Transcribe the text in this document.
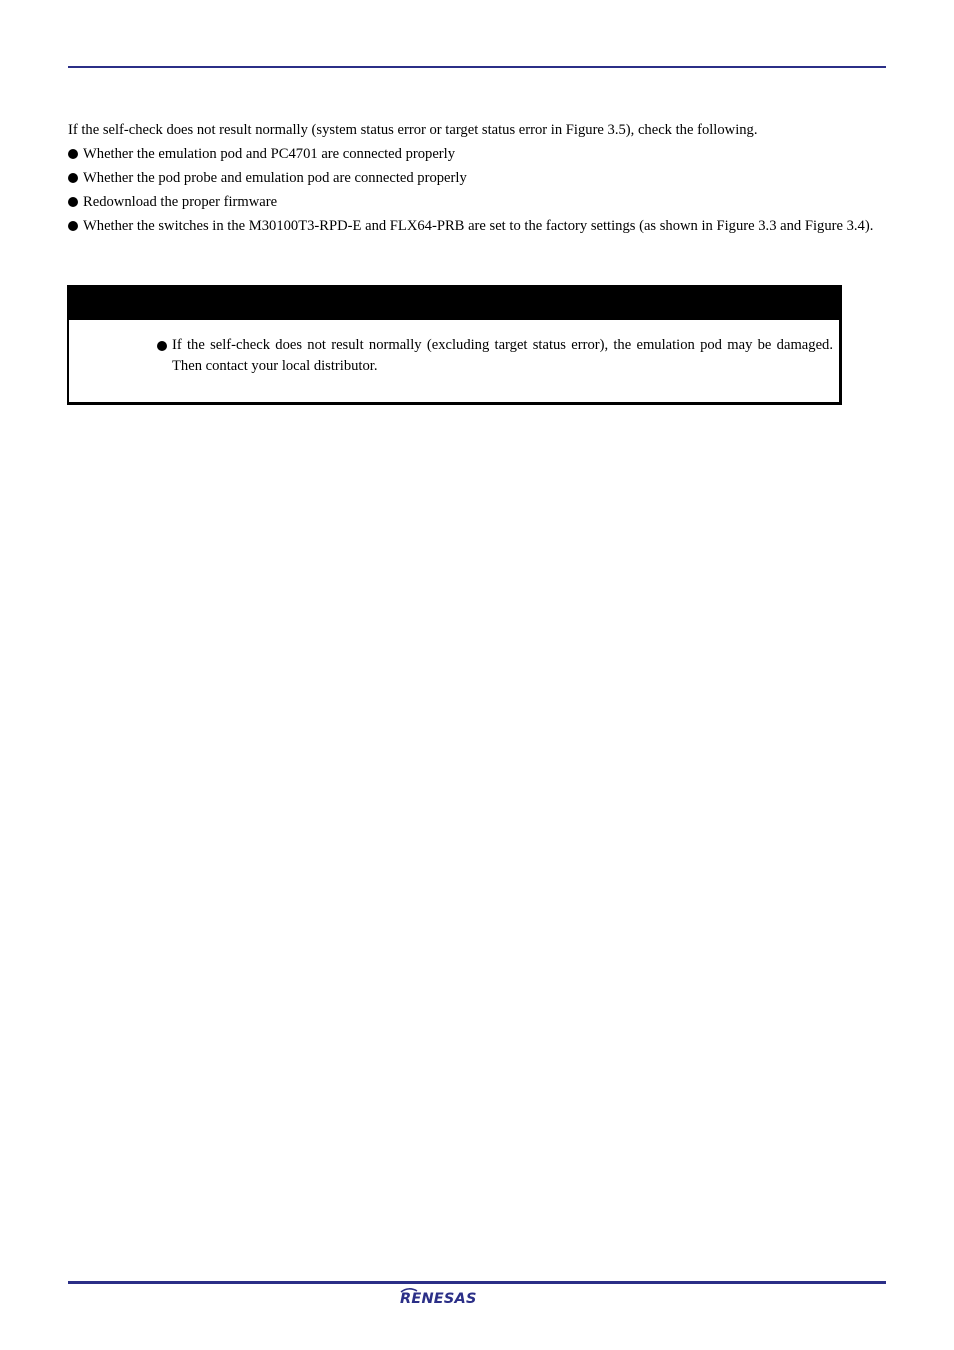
If the self-check does not result normally (system status error or target status error in Figure 3.5), check the following.

Whether the emulation pod and PC4701 are connected properly
Whether the pod probe and emulation pod are connected properly
Redownload the proper firmware
Whether the switches in the M30100T3-RPD-E and FLX64-PRB are set to the factory settings (as shown in Figure 3.3 and Figure 3.4).

If the self-check does not result normally (excluding target status error), the emulation pod may be damaged. Then contact your local distributor.

RENESAS
